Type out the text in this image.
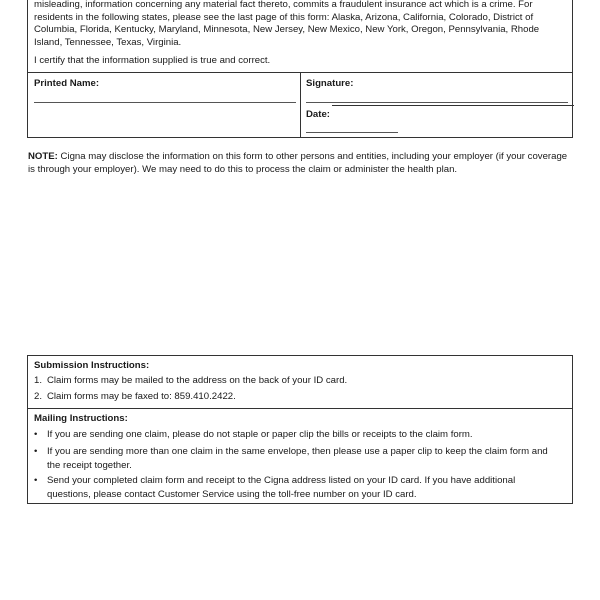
misleading, information concerning any material fact thereto, commits a fraudulent insurance act which is a crime. For residents in the following states, please see the last page of this form: Alaska, Arizona, California, Colorado, District of Columbia, Florida, Kentucky, Maryland, Minnesota, New Jersey, New Mexico, New York, Oregon, Pennsylvania, Rhode Island, Tennessee, Texas, Virginia.
I certify that the information supplied is true and correct.
Printed Name:	Signature:
Date:
NOTE: Cigna may disclose the information on this form to other persons and entities, including your employer (if your coverage is through your employer). We may need to do this to process the claim or administer the health plan.
Submission Instructions:
1. Claim forms may be mailed to the address on the back of your ID card.
2. Claim forms may be faxed to: 859.410.2422.
Mailing Instructions:
• If you are sending one claim, please do not staple or paper clip the bills or receipts to the claim form.
• If you are sending more than one claim in the same envelope, then please use a paper clip to keep the claim form and the receipt together.
• Send your completed claim form and receipt to the Cigna address listed on your ID card. If you have additional questions, please contact Customer Service using the toll-free number on your ID card.
